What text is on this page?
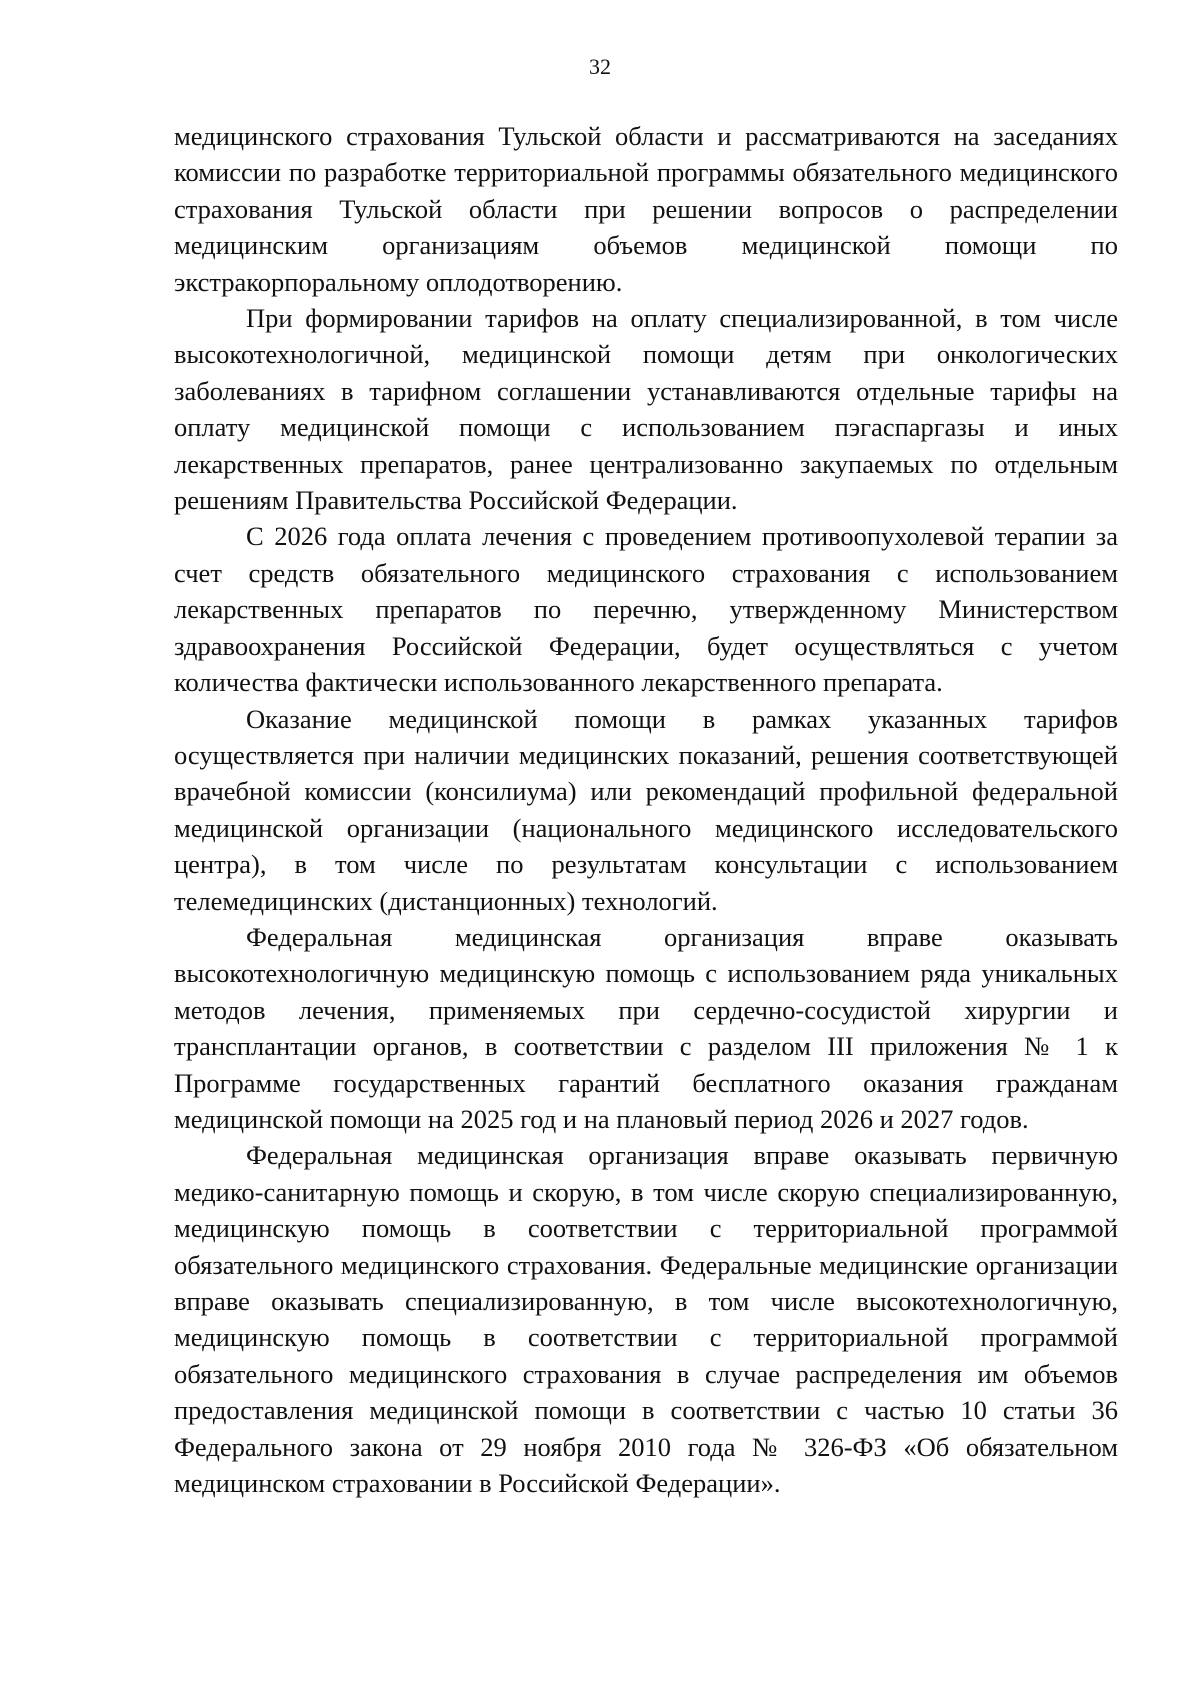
32

медицинского страхования Тульской области и рассматриваются на заседаниях комиссии по разработке территориальной программы обязательного медицинского страхования Тульской области при решении вопросов о распределении медицинским организациям объемов медицинской помощи по экстракорпоральному оплодотворению.

При формировании тарифов на оплату специализированной, в том числе высокотехнологичной, медицинской помощи детям при онкологических заболеваниях в тарифном соглашении устанавливаются отдельные тарифы на оплату медицинской помощи с использованием пэгаспаргазы и иных лекарственных препаратов, ранее централизованно закупаемых по отдельным решениям Правительства Российской Федерации.

С 2026 года оплата лечения с проведением противоопухолевой терапии за счет средств обязательного медицинского страхования с использованием лекарственных препаратов по перечню, утвержденному Министерством здравоохранения Российской Федерации, будет осуществляться с учетом количества фактически использованного лекарственного препарата.

Оказание медицинской помощи в рамках указанных тарифов осуществляется при наличии медицинских показаний, решения соответствующей врачебной комиссии (консилиума) или рекомендаций профильной федеральной медицинской организации (национального медицинского исследовательского центра), в том числе по результатам консультации с использованием телемедицинских (дистанционных) технологий.

Федеральная медицинская организация вправе оказывать высокотехнологичную медицинскую помощь с использованием ряда уникальных методов лечения, применяемых при сердечно-сосудистой хирургии и трансплантации органов, в соответствии с разделом III приложения № 1 к Программе государственных гарантий бесплатного оказания гражданам медицинской помощи на 2025 год и на плановый период 2026 и 2027 годов.

Федеральная медицинская организация вправе оказывать первичную медико-санитарную помощь и скорую, в том числе скорую специализированную, медицинскую помощь в соответствии с территориальной программой обязательного медицинского страхования. Федеральные медицинские организации вправе оказывать специализированную, в том числе высокотехнологичную, медицинскую помощь в соответствии с территориальной программой обязательного медицинского страхования в случае распределения им объемов предоставления медицинской помощи в соответствии с частью 10 статьи 36 Федерального закона от 29 ноября 2010 года № 326-ФЗ «Об обязательном медицинском страховании в Российской Федерации».
